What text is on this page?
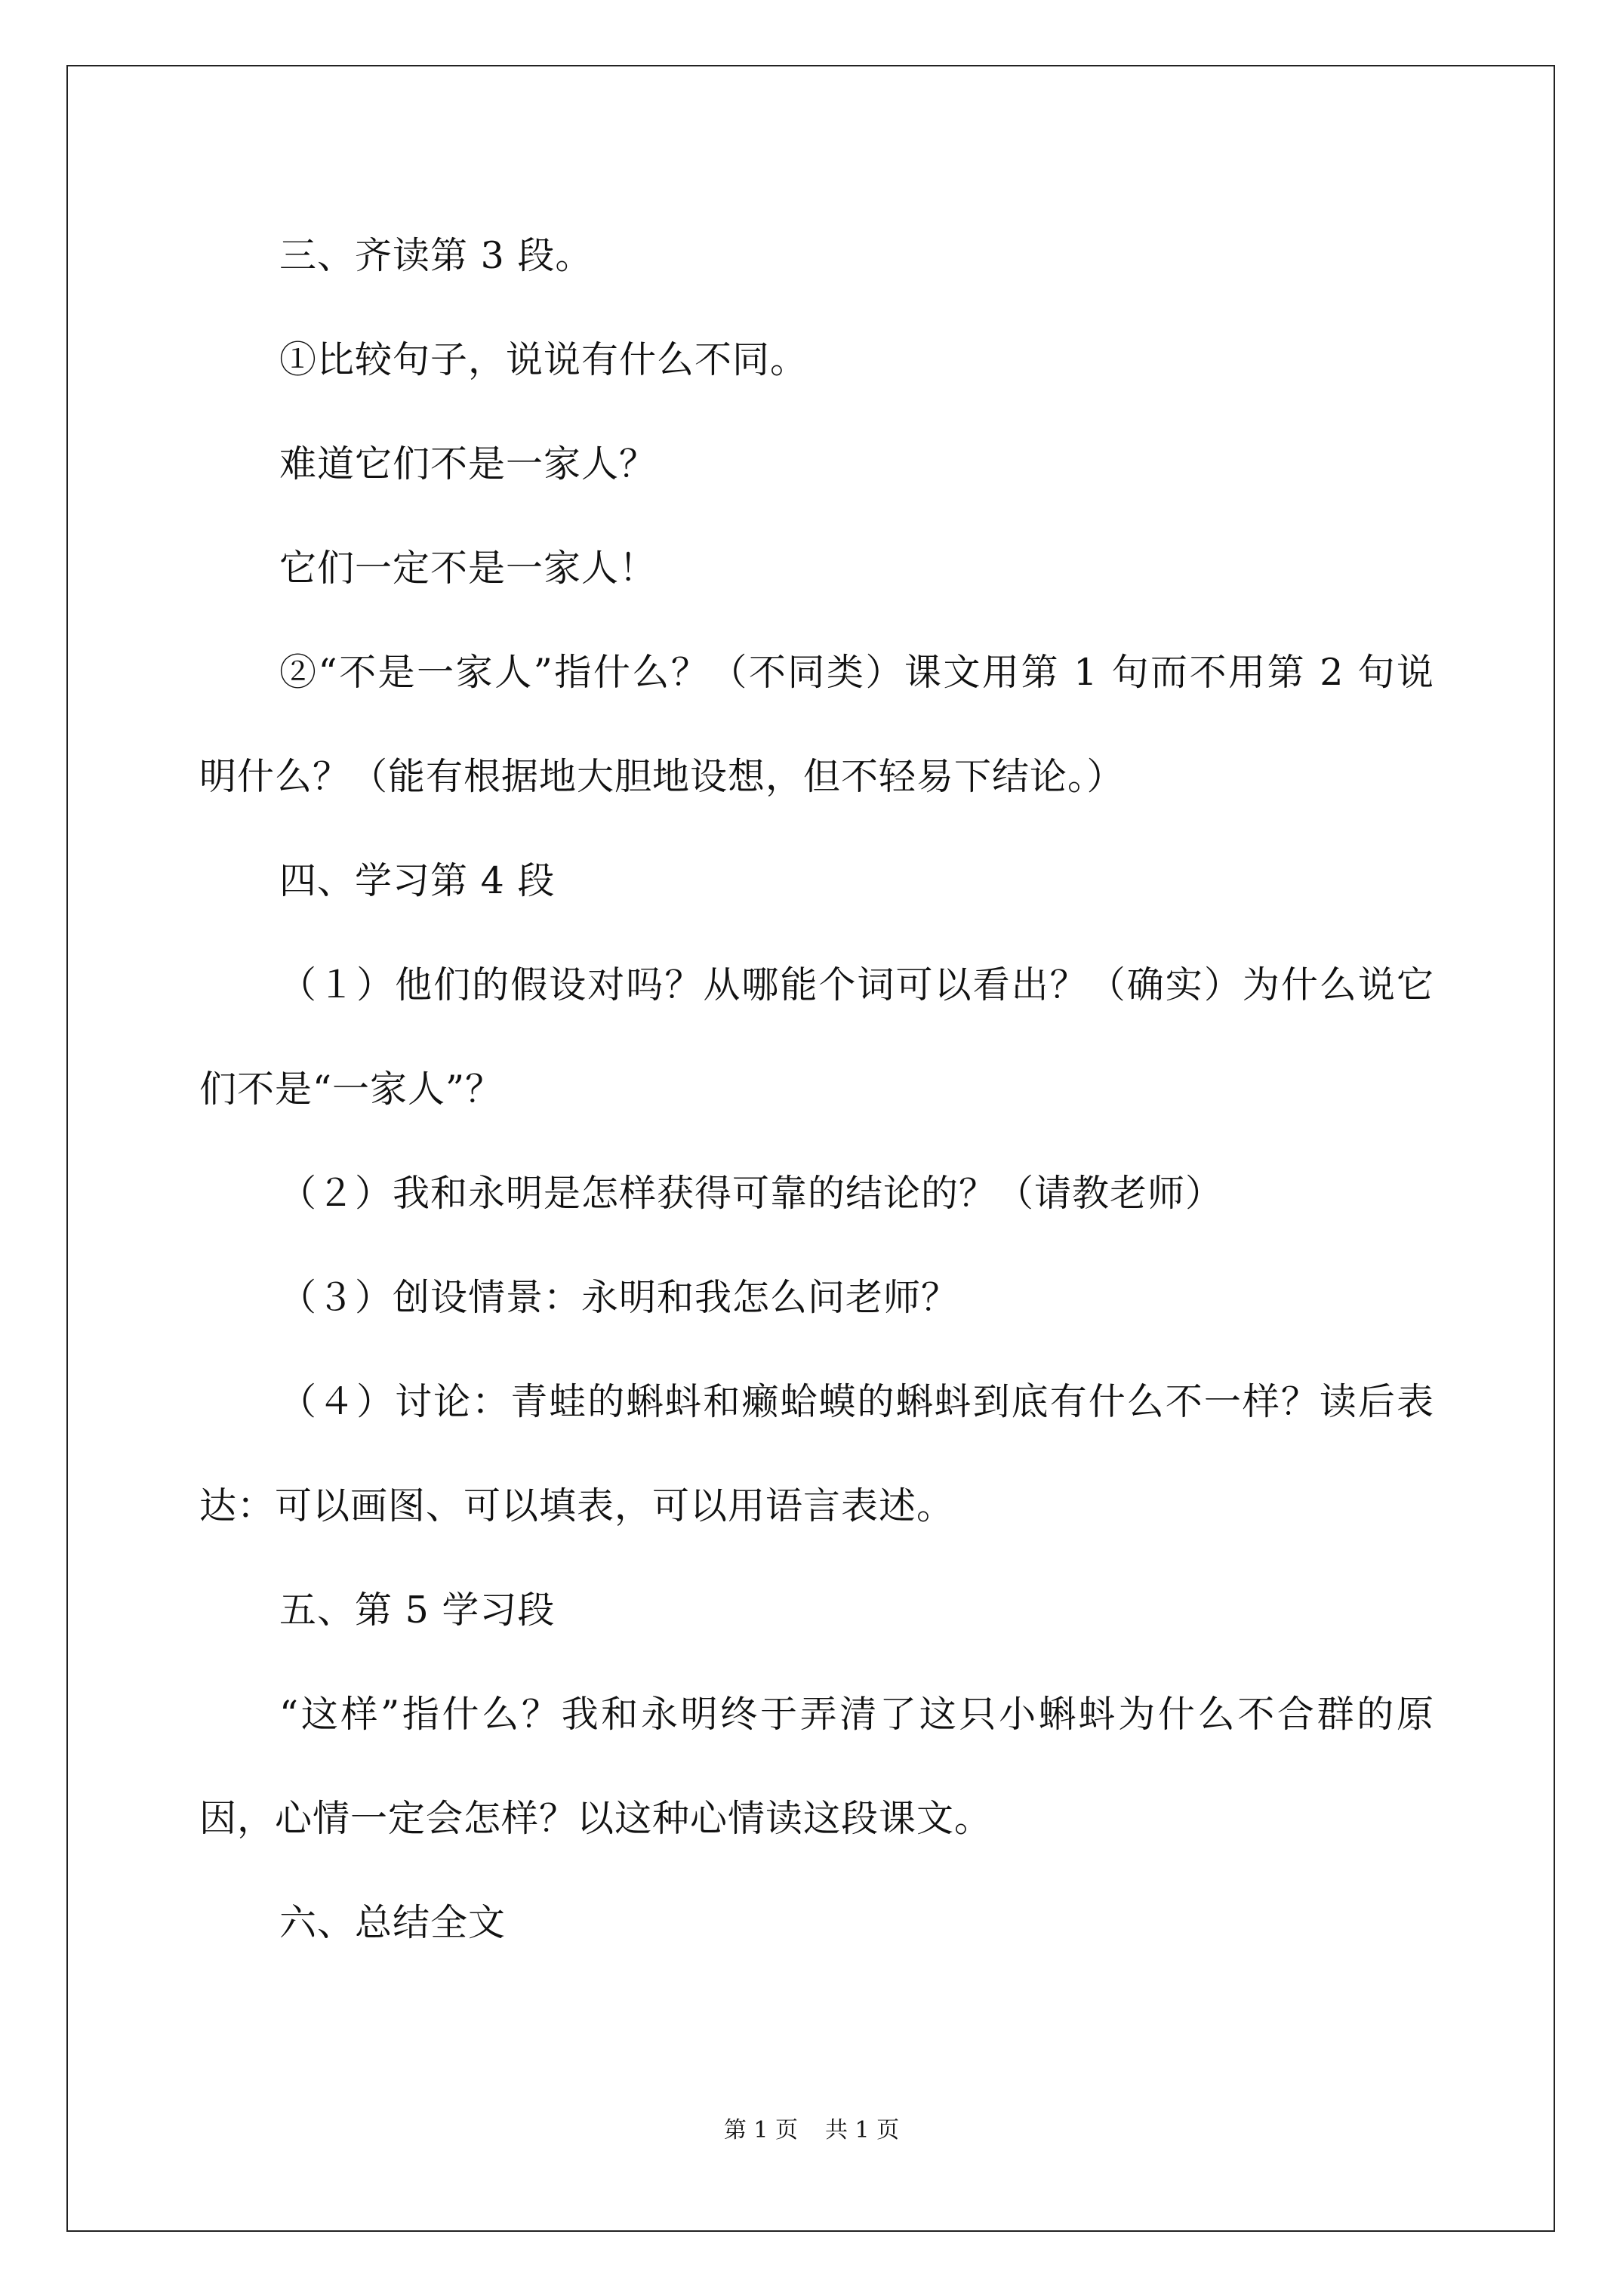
三、齐读第 3 段。

①比较句子，说说有什么不同。

难道它们不是一家人？

它们一定不是一家人！

②“不是一家人”指什么？（不同类）课文用第 1 句而不用第 2 句说明什么？（能有根据地大胆地设想，但不轻易下结论。）

四、学习第 4 段

（１）他们的假设对吗？从哪能个词可以看出？（确实）为什么说它们不是“一家人”？

（２）我和永明是怎样获得可靠的结论的？（请教老师）

（３）创设情景：永明和我怎么问老师？

（４）讨论：青蛙的蝌蚪和癞蛤蟆的蝌蚪到底有什么不一样？读后表达：可以画图、可以填表，可以用语言表述。

五、第 5 学习段

“这样”指什么？我和永明终于弄清了这只小蝌蚪为什么不合群的原因，心情一定会怎样？以这种心情读这段课文。

六、总结全文

第 1 页 共 1 页
